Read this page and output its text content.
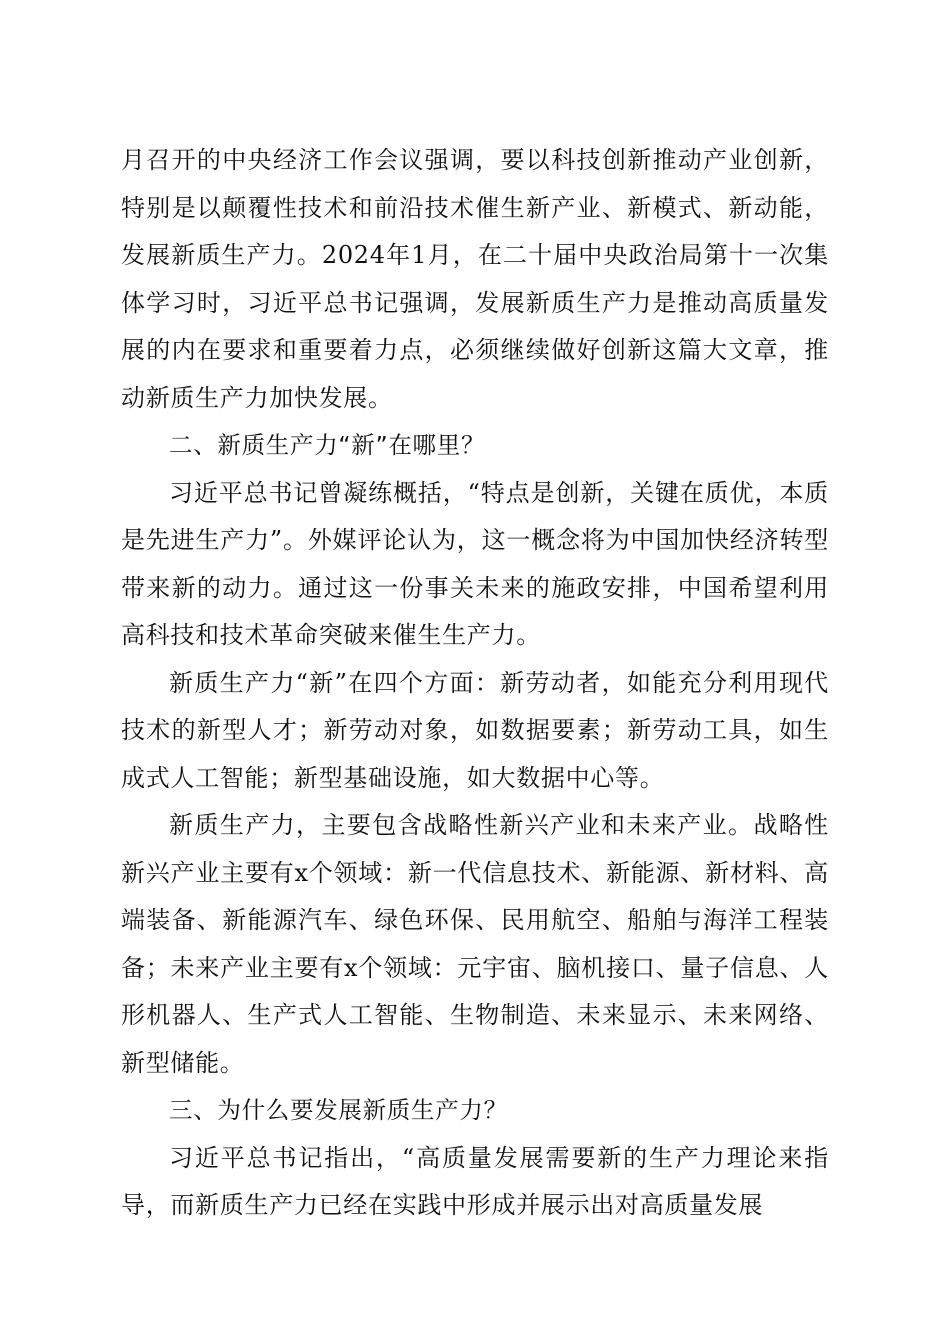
月召开的中央经济工作会议强调，要以科技创新推动产业创新，特别是以颠覆性技术和前沿技术催生新产业、新模式、新动能，发展新质生产力。2024年1月，在二十届中央政治局第十一次集体学习时，习近平总书记强调，发展新质生产力是推动高质量发展的内在要求和重要着力点，必须继续做好创新这篇大文章，推动新质生产力加快发展。

二、新质生产力“新”在哪里？

习近平总书记曾凝练概括，“特点是创新，关键在质优，本质是先进生产力”。外媒评论认为，这一概念将为中国加快经济转型带来新的动力。通过这一份事关未来的施政安排，中国希望利用高科技和技术革命突破来催生生产力。

新质生产力“新”在四个方面：新劳动者，如能充分利用现代技术的新型人才；新劳动对象，如数据要素；新劳动工具，如生成式人工智能；新型基础设施，如大数据中心等。

新质生产力，主要包含战略性新兴产业和未来产业。战略性新兴产业主要有x个领域：新一代信息技术、新能源、新材料、高端装备、新能源汽车、绿色环保、民用航空、船舶与海洋工程装备；未来产业主要有x个领域：元宇宙、脑机接口、量子信息、人形机器人、生产式人工智能、生物制造、未来显示、未来网络、新型储能。

三、为什么要发展新质生产力？

习近平总书记指出，“高质量发展需要新的生产力理论来指导，而新质生产力已经在实践中形成并展示出对高质量发展
